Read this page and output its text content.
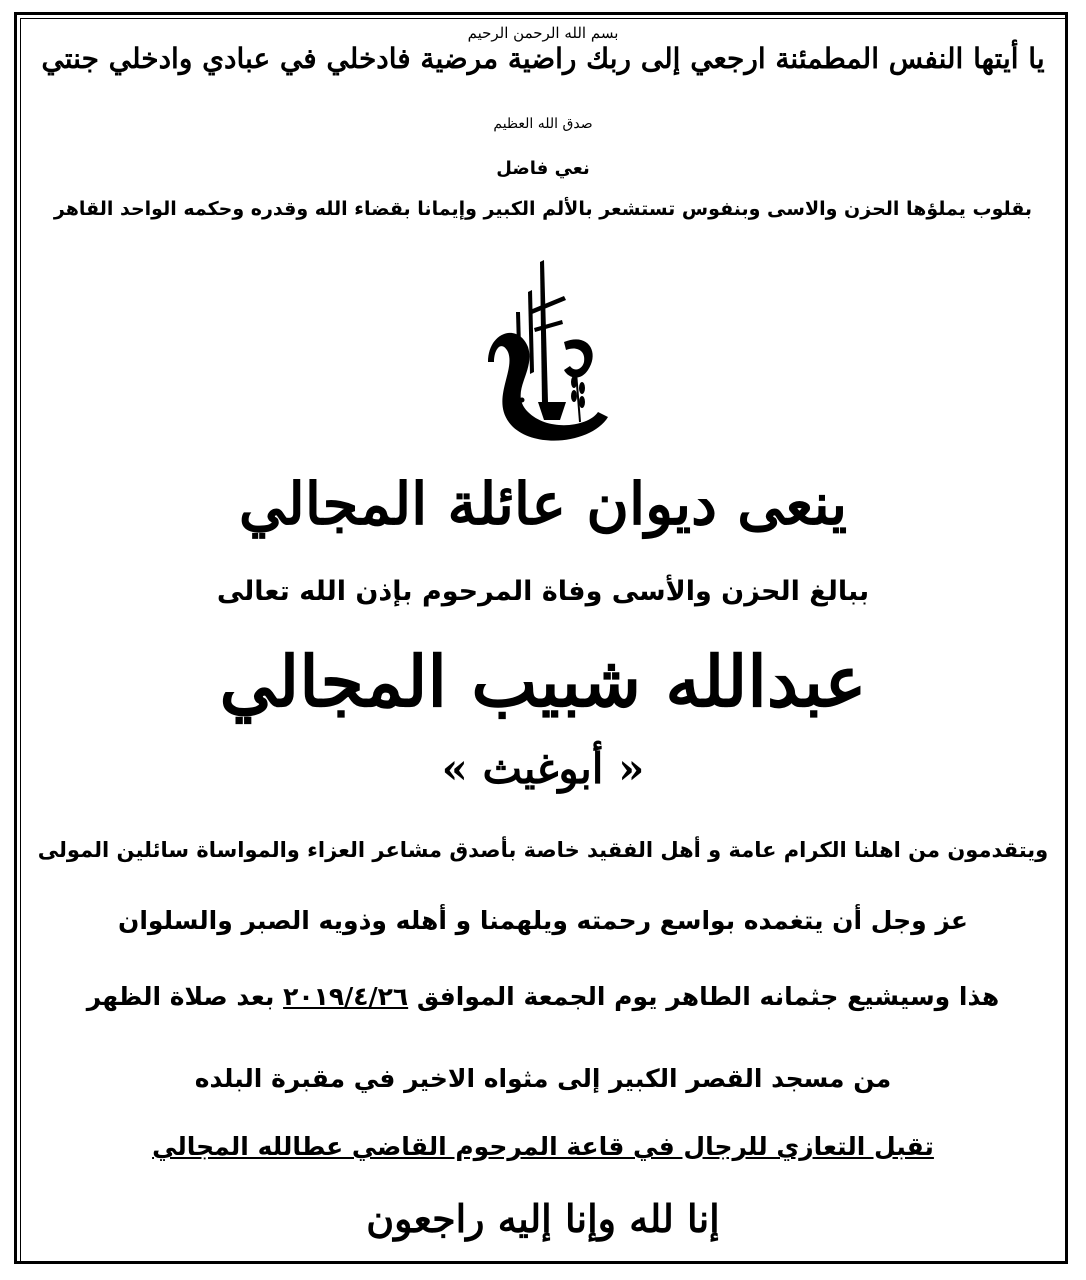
بسم الله الرحمن الرحيم
يا أيتها النفس المطمئنة ارجعي إلى ربك راضية مرضية فادخلي في عبادي وادخلي جنتي
صدق الله العظيم
نعي فاضل
بقلوب يملؤها الحزن والاسى وبنفوس تستشعر بالألم الكبير وإيمانا بقضاء الله وقدره وحكمه الواحد القاهر
ينعى ديوان عائلة المجالي
ببالغ الحزن والأسى وفاة المرحوم بإذن الله تعالى
عبدالله شبيب المجالي
« أبوغيث »
ويتقدمون من اهلنا الكرام عامة و أهل الفقيد خاصة بأصدق مشاعر العزاء والمواساة سائلين المولى
عز وجل أن يتغمده بواسع رحمته ويلهمنا و أهله وذويه الصبر والسلوان
هذا وسيشيع جثمانه الطاهر يوم الجمعة الموافق ٢٠١٩/٤/٢٦ بعد صلاة الظهر
من مسجد القصر الكبير إلى مثواه الاخير في مقبرة البلده
تقبل التعازي للرجال في قاعة المرحوم القاضي عطالله المجالي
إنا لله وإنا إليه راجعون
